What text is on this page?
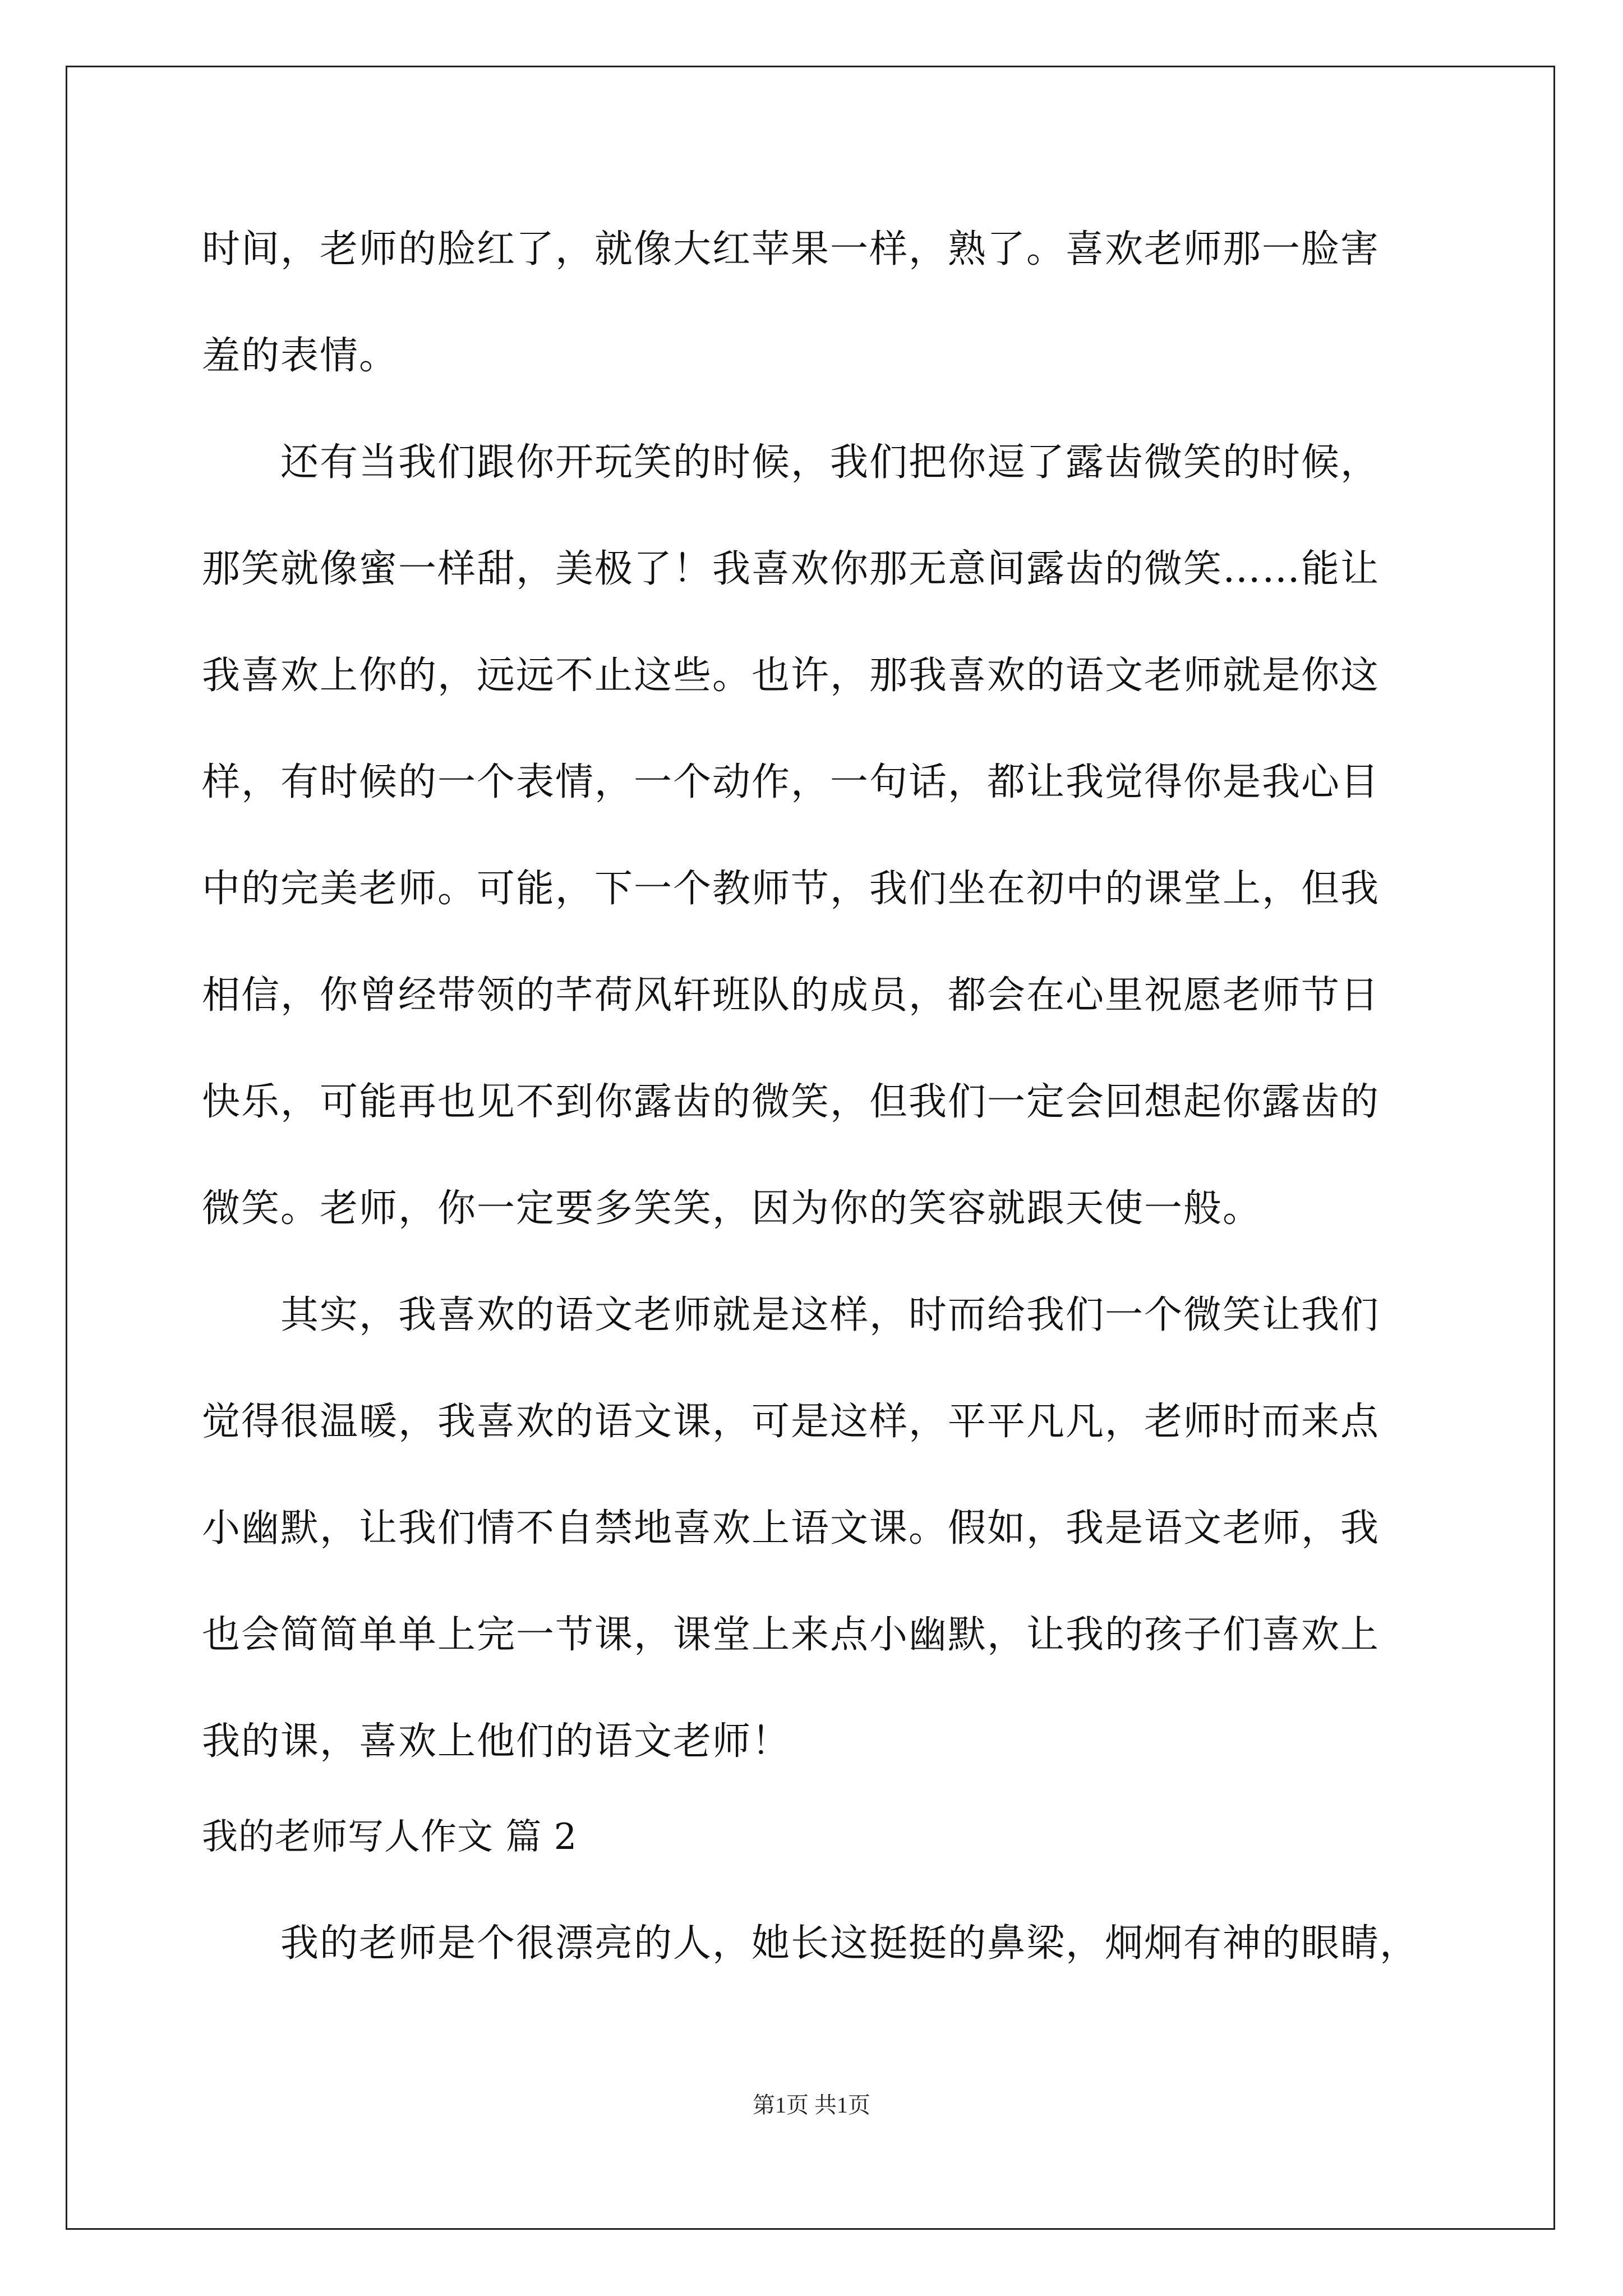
时间，老师的脸红了，就像大红苹果一样，熟了。喜欢老师那一脸害
羞的表情。
还有当我们跟你开玩笑的时候，我们把你逗了露齿微笑的时候，
那笑就像蜜一样甜，美极了！我喜欢你那无意间露齿的微笑……能让
我喜欢上你的，远远不止这些。也许，那我喜欢的语文老师就是你这
样，有时候的一个表情，一个动作，一句话，都让我觉得你是我心目
中的完美老师。可能，下一个教师节，我们坐在初中的课堂上，但我
相信，你曾经带领的芊荷风轩班队的成员，都会在心里祝愿老师节日
快乐，可能再也见不到你露齿的微笑，但我们一定会回想起你露齿的
微笑。老师，你一定要多笑笑，因为你的笑容就跟天使一般。
其实，我喜欢的语文老师就是这样，时而给我们一个微笑让我们
觉得很温暖，我喜欢的语文课，可是这样，平平凡凡，老师时而来点
小幽默，让我们情不自禁地喜欢上语文课。假如，我是语文老师，我
也会简简单单上完一节课，课堂上来点小幽默，让我的孩子们喜欢上
我的课，喜欢上他们的语文老师！
我的老师写人作文 篇 2
我的老师是个很漂亮的人，她长这挺挺的鼻梁，炯炯有神的眼睛，
第1页 共1页
